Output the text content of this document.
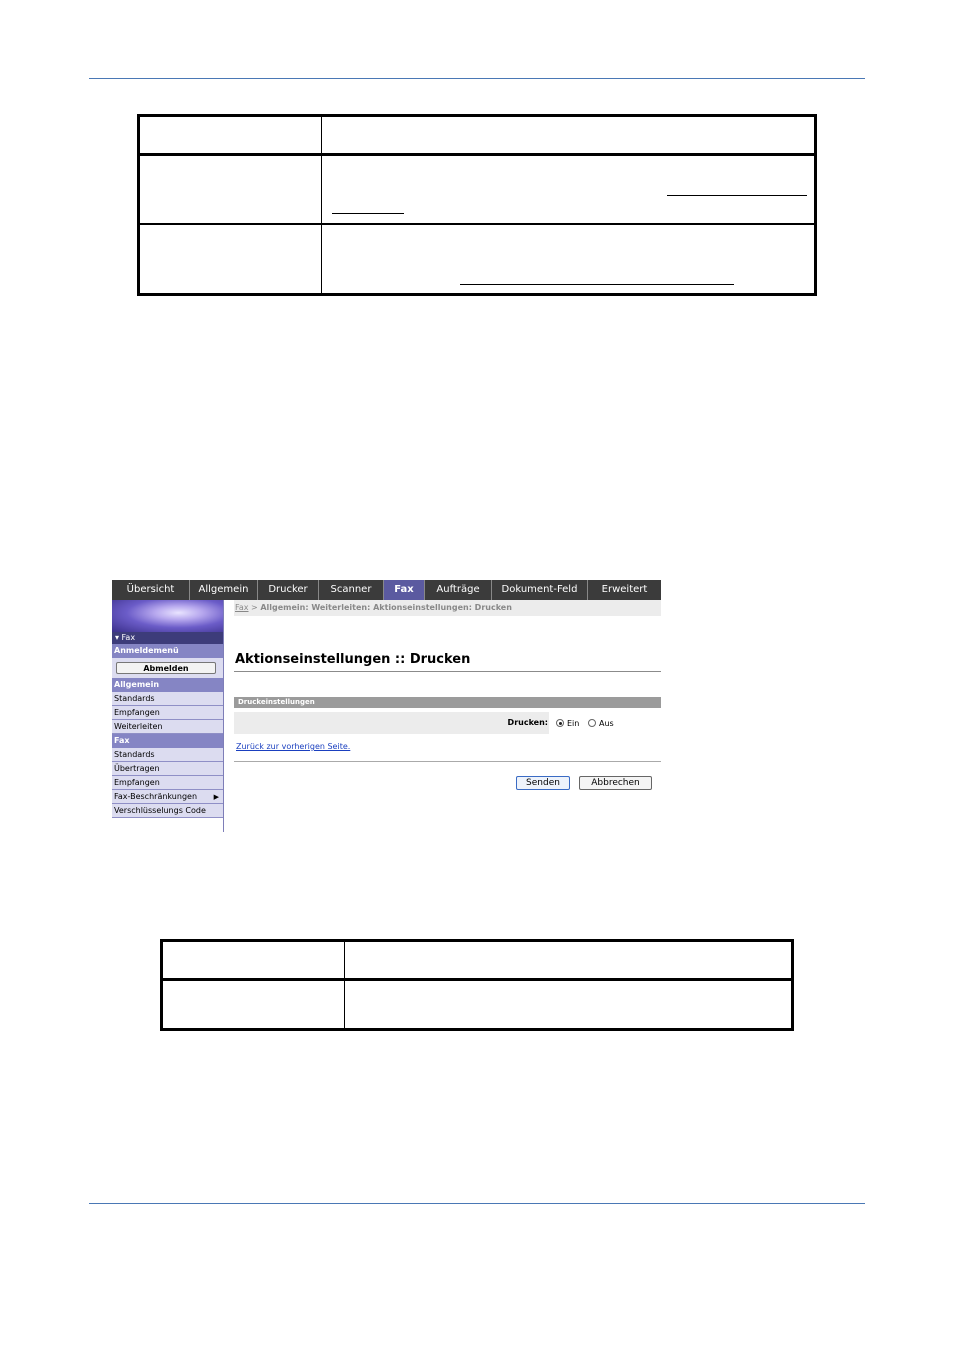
Übersicht	Allgemein	Drucker	Scanner	Fax	Aufträge	Dokument-Feld	Erweitert
▾ Fax
Anmeldemenü
Abmelden
Allgemein
Standards
Empfangen
Weiterleiten
Fax
Standards
Übertragen
Empfangen
Fax-Beschränkungen ▶
Verschlüsselungs Code
Fax > Allgemein: Weiterleiten: Aktionseinstellungen: Drucken
Aktionseinstellungen :: Drucken
Druckeinstellungen
Drucken: Ein Aus
Zurück zur vorherigen Seite.
Senden	Abbrechen
